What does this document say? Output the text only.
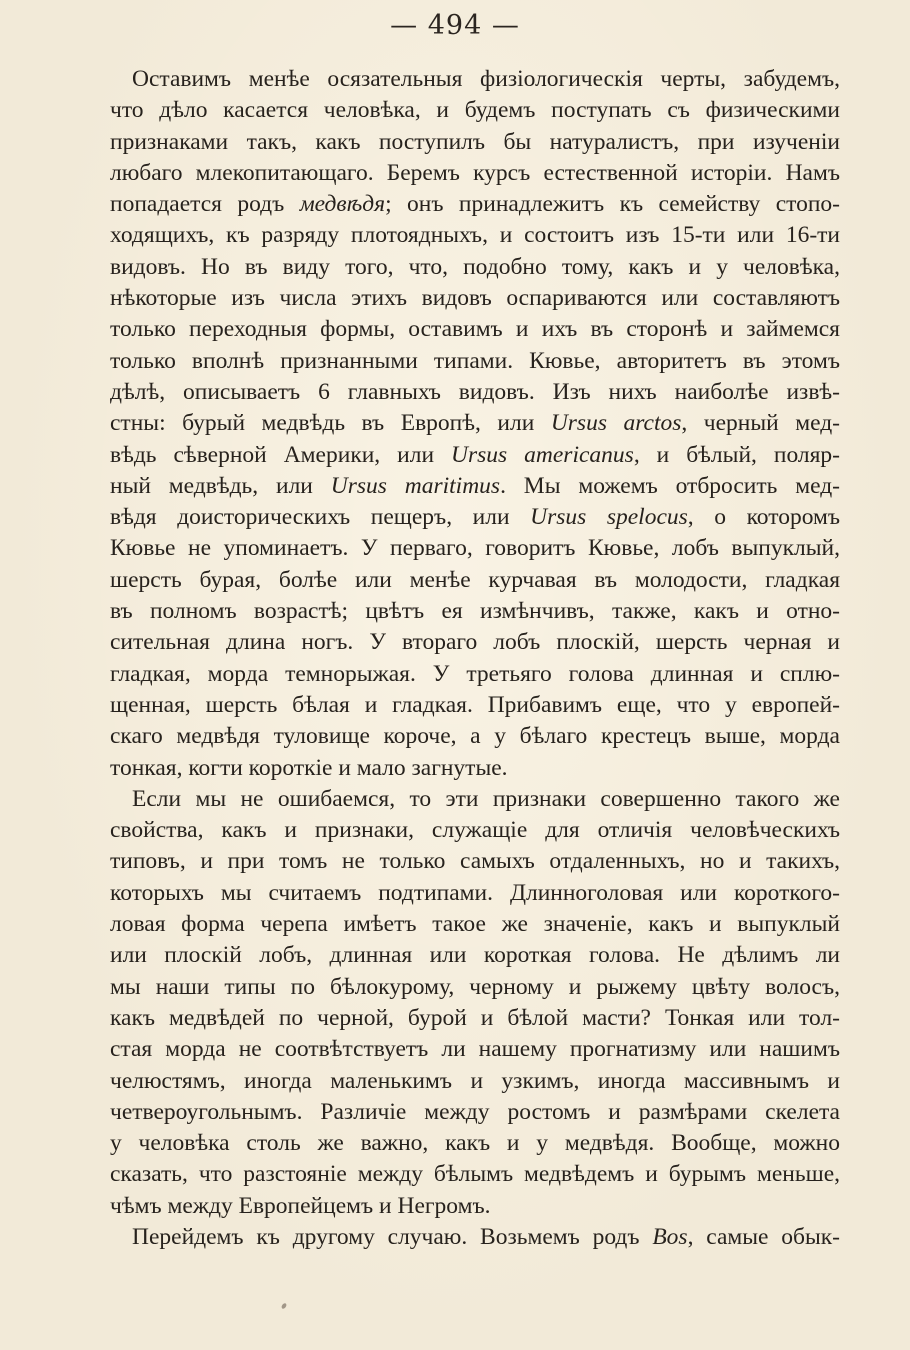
— 494 —
Оставимъ менѣе осязательныя физіологическія черты, забудемъ,
что дѣло касается человѣка, и будемъ поступать съ физическими
признаками такъ, какъ поступилъ бы натуралистъ, при изученіи
любаго млекопитающаго. Беремъ курсъ естественной исторіи. Намъ
попадается родъ медвѣдя; онъ принадлежитъ къ семейству стопо-
ходящихъ, къ разряду плотоядныхъ, и состоитъ изъ 15-ти или 16-ти
видовъ. Но въ виду того, что, подобно тому, какъ и у человѣка,
нѣкоторые изъ числа этихъ видовъ оспариваются или составляютъ
только переходныя формы, оставимъ и ихъ въ сторонѣ и займемся
только вполнѣ признанными типами. Кювье, авторитетъ въ этомъ
дѣлѣ, описываетъ 6 главныхъ видовъ. Изъ нихъ наиболѣе извѣ-
стны: бурый медвѣдь въ Европѣ, или Ursus arctos, черный мед-
вѣдь сѣверной Америки, или Ursus americanus, и бѣлый, поляр-
ный медвѣдь, или Ursus maritimus. Мы можемъ отбросить мед-
вѣдя доисторическихъ пещеръ, или Ursus spelocus, о которомъ
Кювье не упоминаетъ. У перваго, говоритъ Кювье, лобъ выпуклый,
шерсть бурая, болѣе или менѣе курчавая въ молодости, гладкая
въ полномъ возрастѣ; цвѣтъ ея измѣнчивъ, также, какъ и отно-
сительная длина ногъ. У втораго лобъ плоскій, шерсть черная и
гладкая, морда темнорыжая. У третьяго голова длинная и сплю-
щенная, шерсть бѣлая и гладкая. Прибавимъ еще, что у европей-
скаго медвѣдя туловище короче, а у бѣлаго крестецъ выше, морда
тонкая, когти короткіе и мало загнутые.
Если мы не ошибаемся, то эти признаки совершенно такого же
свойства, какъ и признаки, служащіе для отличія человѣческихъ
типовъ, и при томъ не только самыхъ отдаленныхъ, но и такихъ,
которыхъ мы считаемъ подтипами. Длинноголовая или короткого-
ловая форма черепа имѣетъ такое же значеніе, какъ и выпуклый
или плоскій лобъ, длинная или короткая голова. Не дѣлимъ ли
мы наши типы по бѣлокурому, черному и рыжему цвѣту волосъ,
какъ медвѣдей по черной, бурой и бѣлой масти? Тонкая или тол-
стая морда не соотвѣтствуетъ ли нашему прогнатизму или нашимъ
челюстямъ, иногда маленькимъ и узкимъ, иногда массивнымъ и
четвероугольнымъ. Различіе между ростомъ и размѣрами скелета
у человѣка столь же важно, какъ и у медвѣдя. Вообще, можно
сказать, что разстояніе между бѣлымъ медвѣдемъ и бурымъ меньше,
чѣмъ между Европейцемъ и Негромъ.
Перейдемъ къ другому случаю. Возьмемъ родъ Bos, самые обык-
